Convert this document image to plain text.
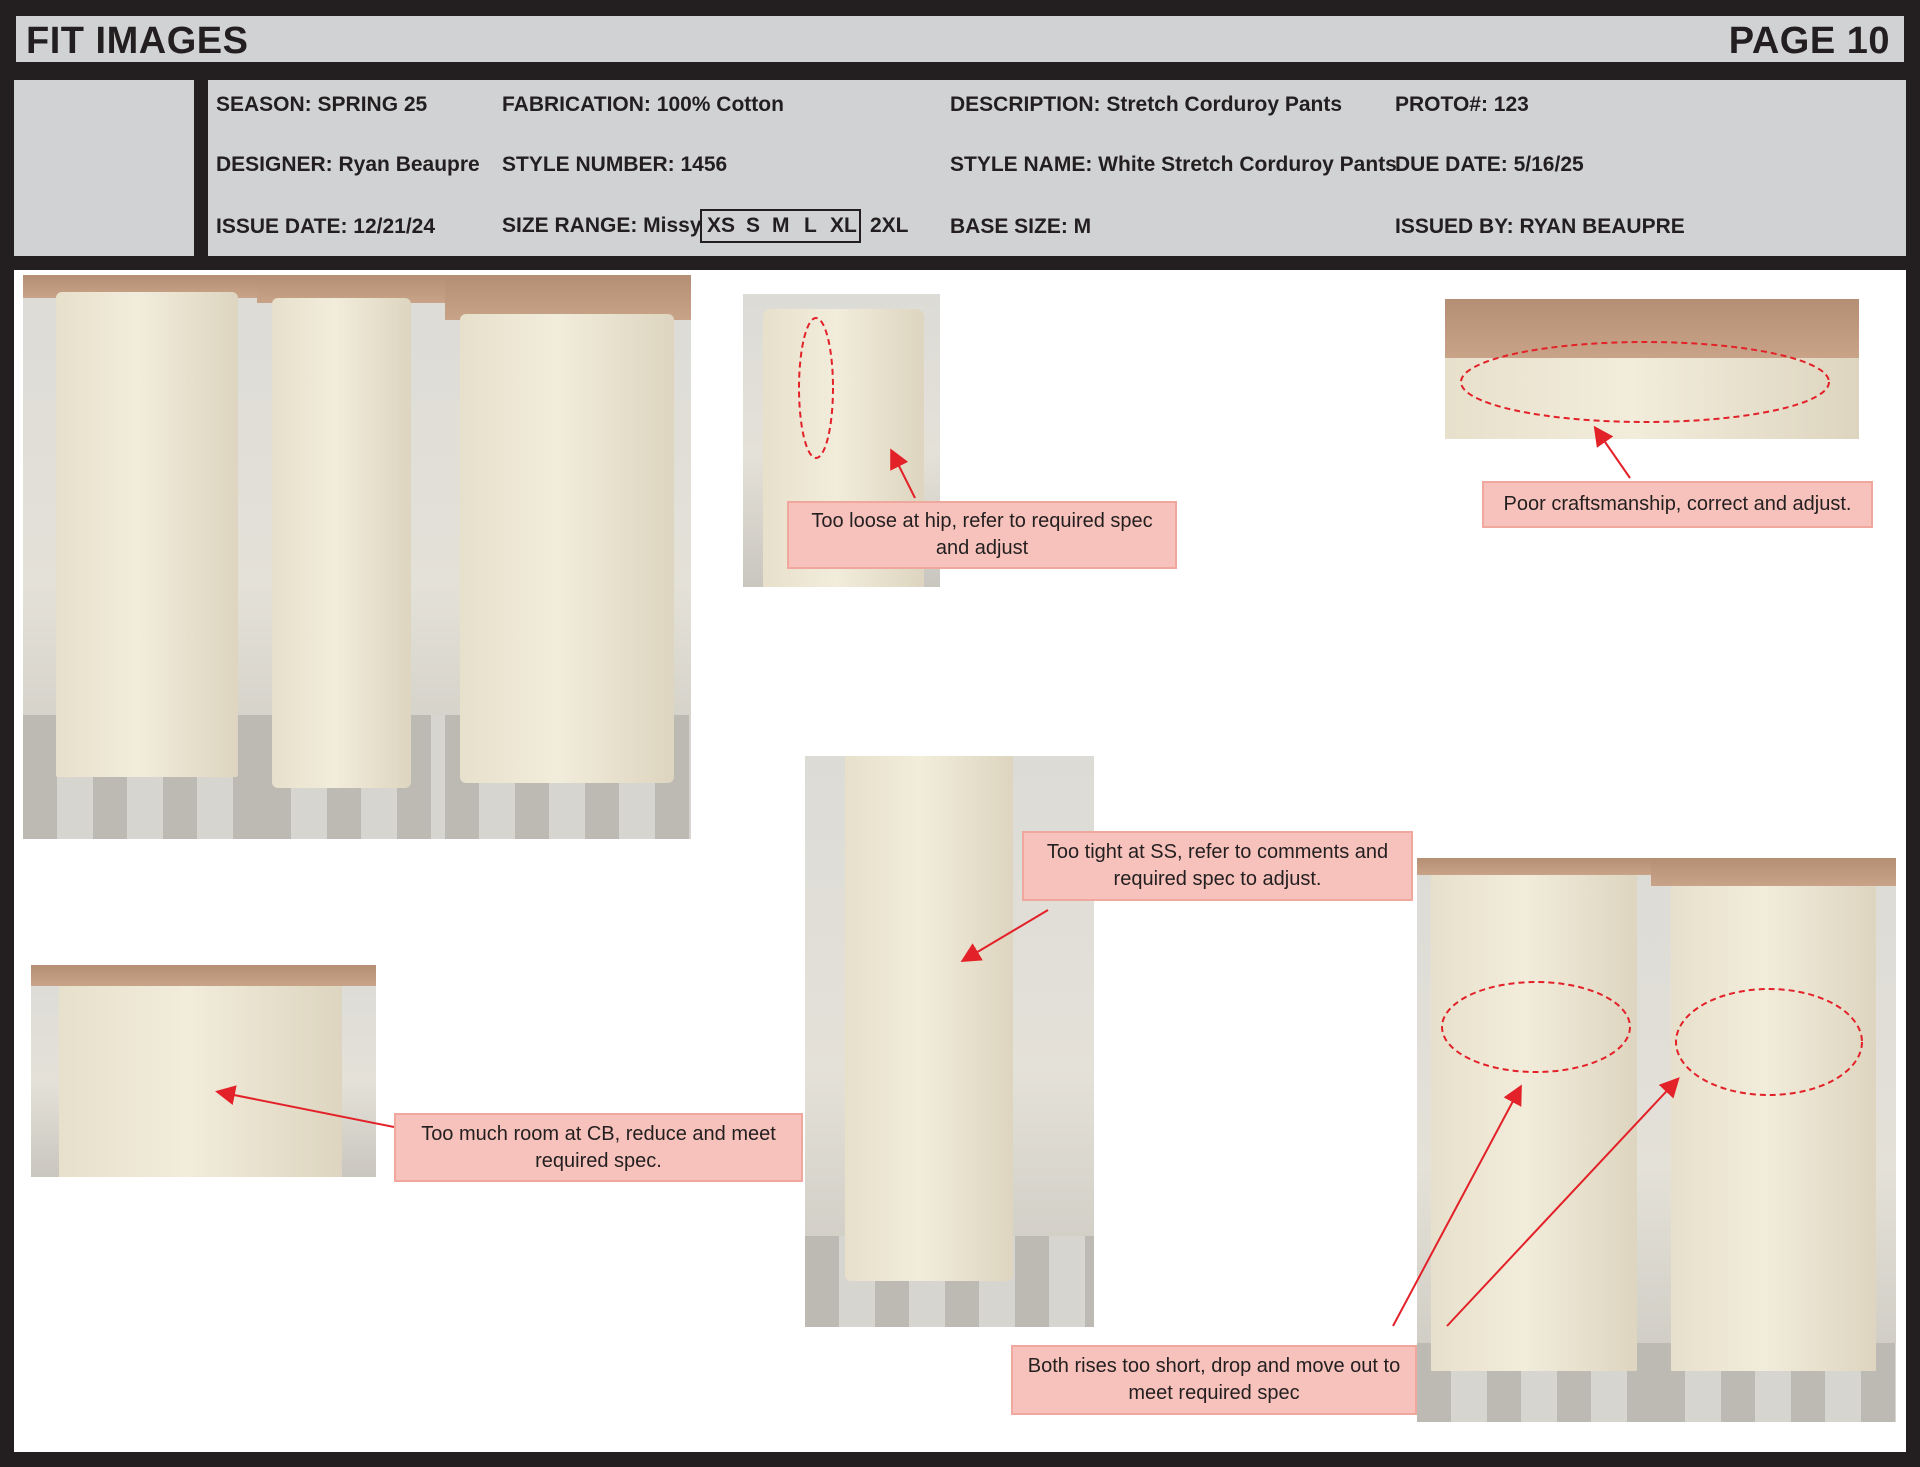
FIT IMAGES	PAGE 10
SEASON: SPRING 25
DESIGNER: Ryan Beaupre
ISSUE DATE: 12/21/24
FABRICATION: 100% Cotton
STYLE NUMBER: 1456
SIZE RANGE: Missy XS S M L XL 2XL
DESCRIPTION: Stretch Corduroy Pants
STYLE NAME: White Stretch Corduroy Pants
BASE SIZE: M
PROTO#: 123
DUE DATE: 5/16/25
ISSUED BY: RYAN BEAUPRE
Too loose at hip, refer to required spec and adjust
Poor craftsmanship, correct and adjust.
Too tight at SS, refer to comments and required spec to adjust.
Too much room at CB, reduce and meet required spec.
Both rises too short, drop and move out to meet required spec
